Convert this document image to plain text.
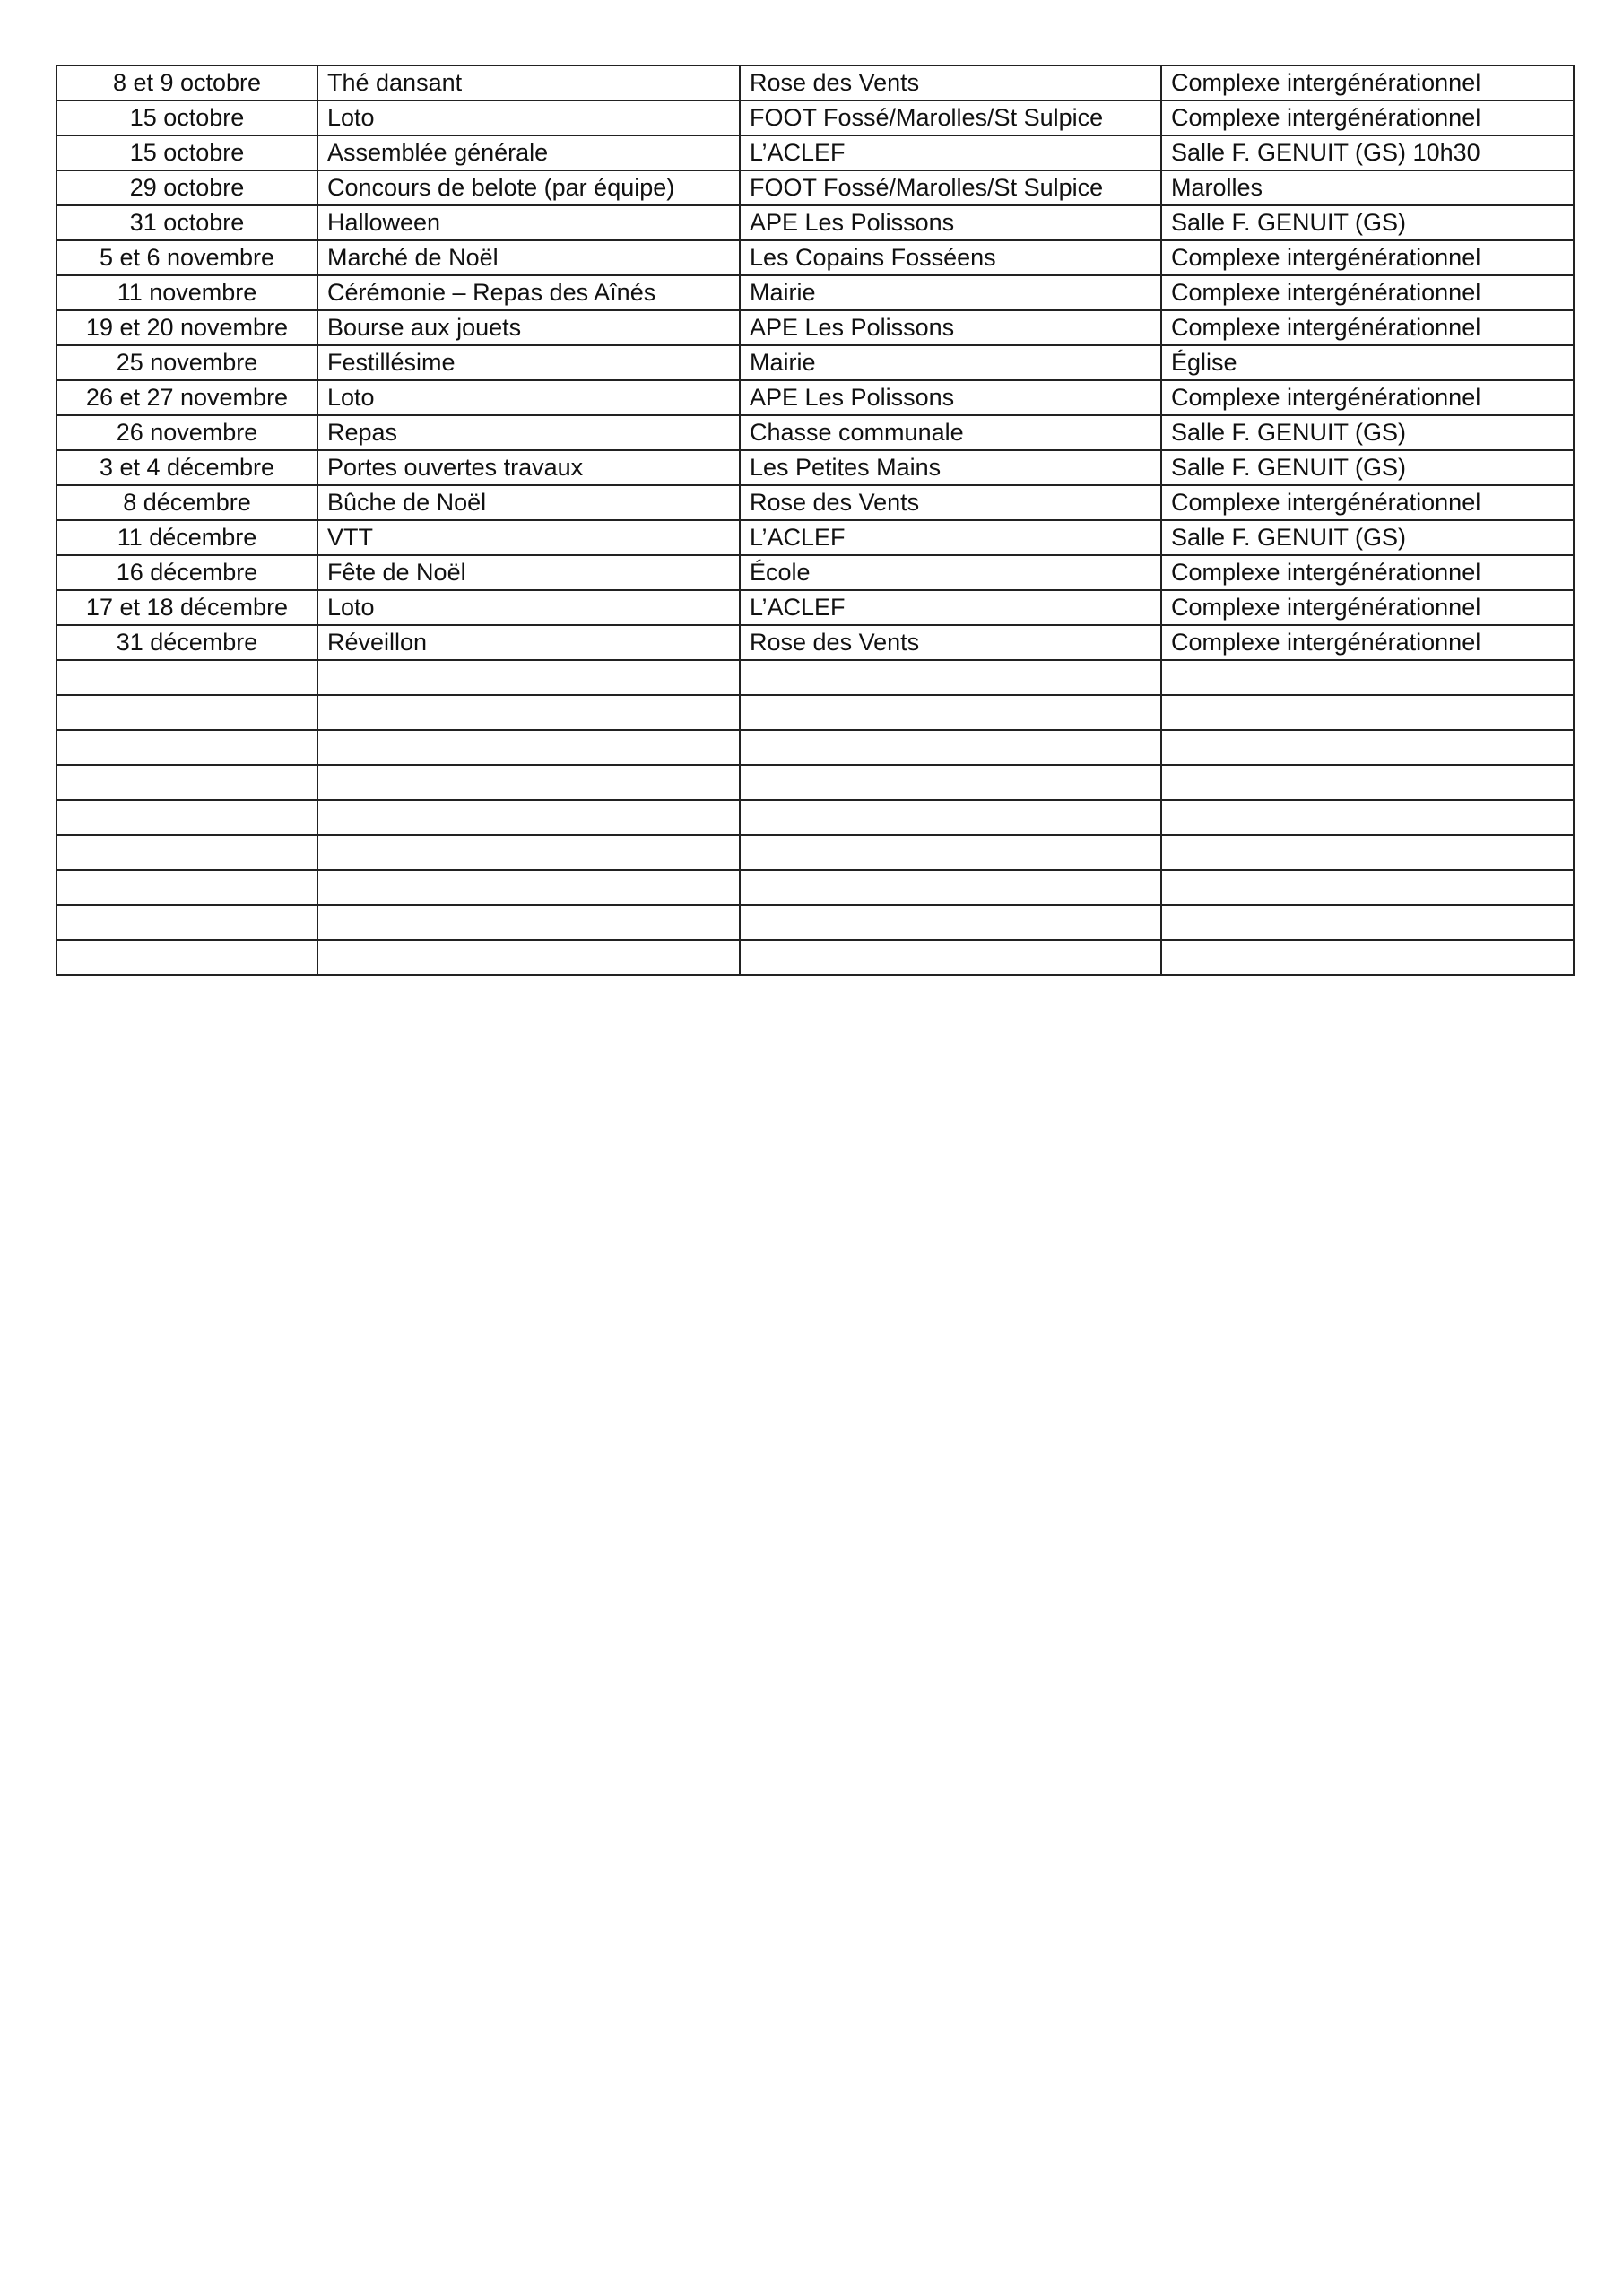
8 et 9 octobre	Thé dansant	Rose des Vents	Complexe intergénérationnel
15 octobre	Loto	FOOT Fossé/Marolles/St Sulpice	Complexe intergénérationnel
15 octobre	Assemblée générale	L’ACLEF	Salle F. GENUIT (GS) 10h30
29 octobre	Concours de belote (par équipe)	FOOT Fossé/Marolles/St Sulpice	Marolles
31 octobre	Halloween	APE Les Polissons	Salle F. GENUIT (GS)
5 et 6 novembre	Marché de Noël	Les Copains Fosséens	Complexe intergénérationnel
11 novembre	Cérémonie – Repas des Aînés	Mairie	Complexe intergénérationnel
19 et 20 novembre	Bourse aux jouets	APE Les Polissons	Complexe intergénérationnel
25 novembre	Festillésime	Mairie	Église
26 et 27 novembre	Loto	APE Les Polissons	Complexe intergénérationnel
26 novembre	Repas	Chasse communale	Salle F. GENUIT (GS)
3 et 4 décembre	Portes ouvertes travaux	Les Petites Mains	Salle F. GENUIT (GS)
8 décembre	Bûche de Noël	Rose des Vents	Complexe intergénérationnel
11 décembre	VTT	L’ACLEF	Salle F. GENUIT (GS)
16 décembre	Fête de Noël	École	Complexe intergénérationnel
17 et 18 décembre	Loto	L’ACLEF	Complexe intergénérationnel
31 décembre	Réveillon	Rose des Vents	Complexe intergénérationnel
